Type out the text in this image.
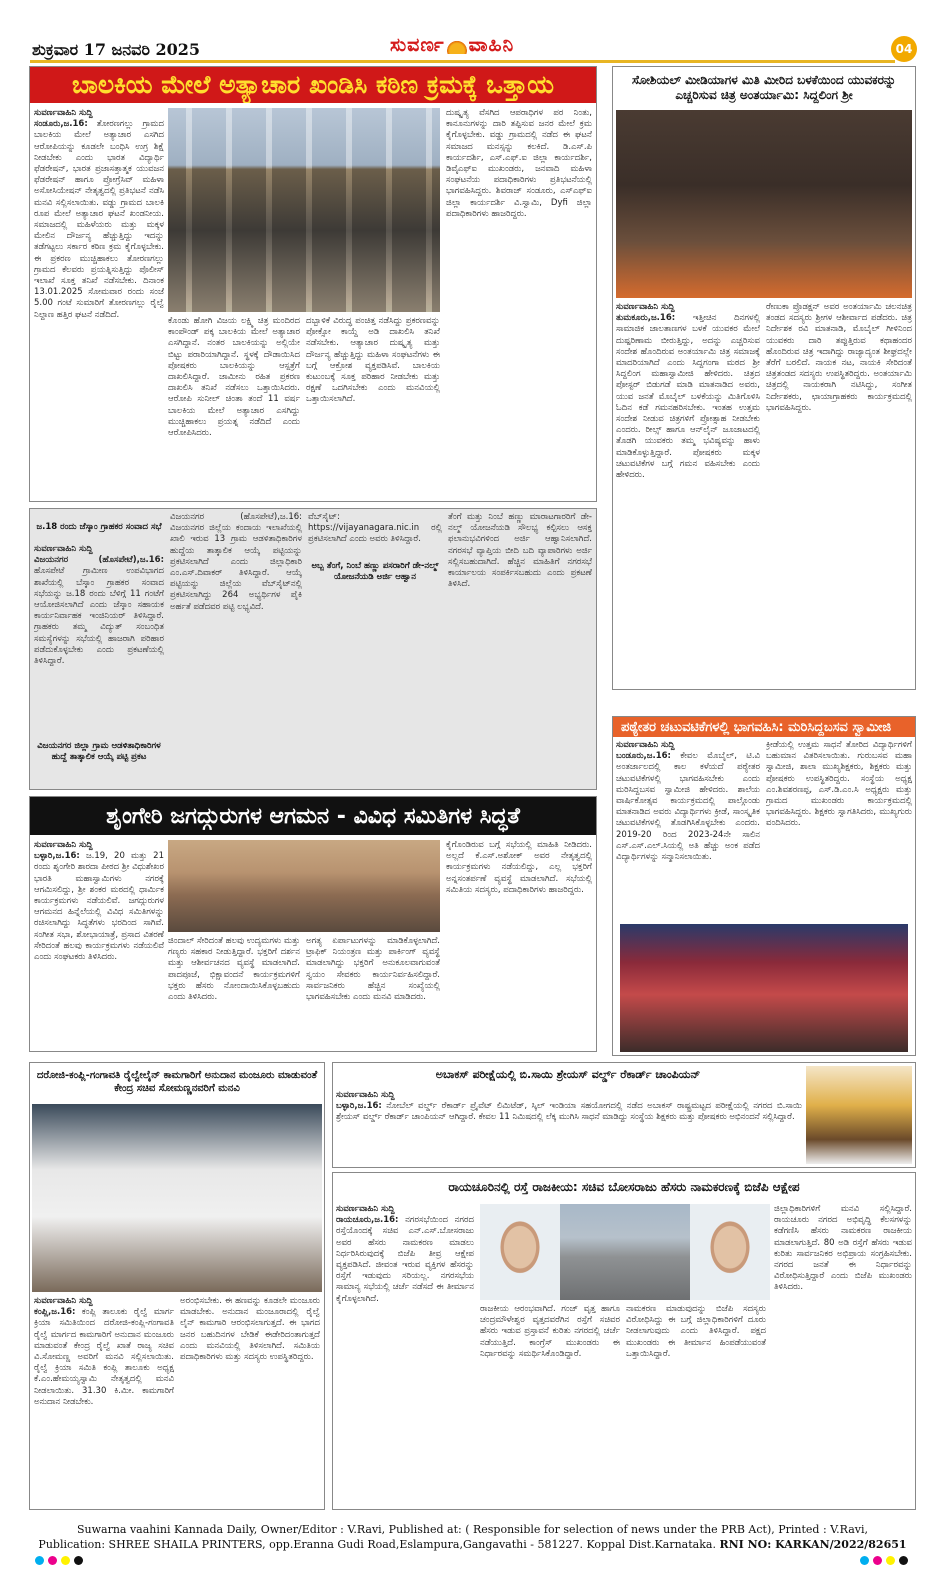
ಶುಕ್ರವಾರ 17 ಜನವರಿ 2025	ಸುವರ್ಣ ವಾಹಿನಿ	04
ಬಾಲಕಿಯ ಮೇಲೆ ಅತ್ಯಾಚಾರ ಖಂಡಿಸಿ ಕಠಿಣ ಕ್ರಮಕ್ಕೆ ಒತ್ತಾಯ
ಸುವರ್ಣವಾಹಿನಿ ಸುದ್ದಿ
ಸಂಡೂರು,ಜ.16: ತೋರಣಗಲ್ಲು ಗ್ರಾಮದ ಬಾಲಕಿಯ ಮೇಲೆ ಅತ್ಯಾಚಾರ ಎಸಗಿದ ಆರೋಪಿಯನ್ನು ಕೂಡಲೇ ಬಂಧಿಸಿ ಉಗ್ರ ಶಿಕ್ಷೆ ನೀಡಬೇಕು ಎಂದು ಭಾರತ ವಿದ್ಯಾರ್ಥಿ ಫೆಡರೇಷನ್, ಭಾರತ ಪ್ರಜಾಸತ್ತಾತ್ಮಕ ಯುವಜನ ಫೆಡರೇಷನ್ ಹಾಗೂ ಪ್ರೋಗ್ರೆಸಿವ್ ಮಹಿಳಾ ಅಸೋಸಿಯೇಷನ್ ನೇತೃತ್ವದಲ್ಲಿ ಪ್ರತಿಭಟನೆ ನಡೆಸಿ ಮನವಿ ಸಲ್ಲಿಸಲಾಯಿತು. ವಡ್ಡು ಗ್ರಾಮದ ಬಾಲಕಿ ರೂಪ ಮೇಲೆ ಅತ್ಯಾಚಾರ ಘಟನೆ ಖಂಡನೀಯ. ಸಮಾಜದಲ್ಲಿ ಮಹಿಳೆಯರು ಮತ್ತು ಮಕ್ಕಳ ಮೇಲಿನ ದೌರ್ಜನ್ಯ ಹೆಚ್ಚುತ್ತಿದ್ದು ಇದನ್ನು ತಡೆಗಟ್ಟಲು ಸರ್ಕಾರ ಕಠಿಣ ಕ್ರಮ ಕೈಗೊಳ್ಳಬೇಕು. ಈ ಪ್ರಕರಣ ಮುಚ್ಚಿಹಾಕಲು ತೋರಣಗಲ್ಲು ಗ್ರಾಮದ ಕೆಲವರು ಪ್ರಯತ್ನಿಸುತ್ತಿದ್ದು ಪೊಲೀಸ್ ಇಲಾಖೆ ಸೂಕ್ತ ತನಿಖೆ ನಡೆಸಬೇಕು. ದಿನಾಂಕ 13.01.2025 ಸೋಮವಾರ ರಂದು ಸಂಜೆ 5.00 ಗಂಟೆ ಸುಮಾರಿಗೆ ತೋರಣಗಲ್ಲು ರೈಲ್ವೆ ನಿಲ್ದಾಣ ಹತ್ತಿರ ಘಟನೆ ನಡೆದಿದೆ.
ಕೊಂಡು ಹೋಗಿ ವಿಜಯ ಲಕ್ಷ್ಮಿ ಚಿತ್ರ ಮಂದಿರದ ಕಾಂಪೌಂಡ್ ಪಕ್ಕ ಬಾಲಕಿಯ ಮೇಲೆ ಅತ್ಯಾಚಾರ ಎಸಗಿದ್ದಾನೆ. ನಂತರ ಬಾಲಕಿಯನ್ನು ಅಲ್ಲಿಯೇ ಬಿಟ್ಟು ಪರಾರಿಯಾಗಿದ್ದಾನೆ. ಸ್ಥಳಕ್ಕೆ ದೌಡಾಯಿಸಿದ ಪೋಷಕರು ಬಾಲಕಿಯನ್ನು ಆಸ್ಪತ್ರೆಗೆ ದಾಖಲಿಸಿದ್ದಾರೆ. ಜಾಮೀನು ರಹಿತ ಪ್ರಕರಣ ದಾಖಲಿಸಿ ತನಿಖೆ ನಡೆಸಲು ಒತ್ತಾಯಿಸಿದರು. ಆರೋಪಿ ಸುನೀಲ್ ಚಿಂತಾ ತಂದೆ 11 ವರ್ಷ ಬಾಲಕಿಯ ಮೇಲೆ ಅತ್ಯಾಚಾರ ಎಸಗಿದ್ದು ಮುಚ್ಚಿಹಾಕಲು ಪ್ರಯತ್ನ ನಡೆದಿದೆ ಎಂದು ಆರೋಪಿಸಿದರು.
ದಬ್ಬಾಳಿಕೆ ವಿರುದ್ಧ ಪಂಚಿತ್ತ ನಡೆಸಿದ್ದು ಪ್ರಕರಣವನ್ನು ಪೋಕ್ಸೋ ಕಾಯ್ದೆ ಅಡಿ ದಾಖಲಿಸಿ ತನಿಖೆ ನಡೆಸಬೇಕು. ಆತ್ಯಾಚಾರ ದುಷ್ಕೃತ್ಯ ಮತ್ತು ದೌರ್ಜನ್ಯ ಹೆಚ್ಚುತ್ತಿದ್ದು ಮಹಿಳಾ ಸಂಘಟನೆಗಳು ಈ ಬಗ್ಗೆ ಆಕ್ರೋಶ ವ್ಯಕ್ತಪಡಿಸಿವೆ. ಬಾಲಕಿಯ ಕುಟುಂಬಕ್ಕೆ ಸೂಕ್ತ ಪರಿಹಾರ ನೀಡಬೇಕು ಮತ್ತು ರಕ್ಷಣೆ ಒದಗಿಸಬೇಕು ಎಂದು ಮನವಿಯಲ್ಲಿ ಒತ್ತಾಯಿಸಲಾಗಿದೆ.
ದುಷ್ಕೃತ್ಯ ವೆಸಗಿದ ಆಪರಾಧಿಗಳ ಪರ ನಿಂತು, ಕಾನೂನುಗಳನ್ನು ದಾರಿ ತಪ್ಪಿಸುವ ಜನರ ಮೇಲೆ ಕ್ರಮ ಕೈಗೊಳ್ಳಬೇಕು. ವಡ್ಡು ಗ್ರಾಮದಲ್ಲಿ ನಡೆದ ಈ ಘಟನೆ ಸಮಾಜದ ಮನಸ್ಸನ್ನು ಕಲಕಿದೆ. ಡಿ.ಎಸ್.ಪಿ ಕಾರ್ಯದರ್ಶಿ, ಎಸ್.ಎಫ್.ಐ ಜಿಲ್ಲಾ ಕಾರ್ಯದರ್ಶಿ, ಡಿವೈಎಫ್‌ಐ ಮುಖಂಡರು, ಜನವಾದಿ ಮಹಿಳಾ ಸಂಘಟನೆಯ ಪದಾಧಿಕಾರಿಗಳು ಪ್ರತಿಭಟನೆಯಲ್ಲಿ ಭಾಗವಹಿಸಿದ್ದರು. ಶಿವರಾಜ್ ಸಂಡೂರು, ಎಸ್‌ಎಫ್‌ಐ ಜಿಲ್ಲಾ ಕಾರ್ಯದರ್ಶಿ ವಿ.ಸ್ವಾಮಿ, Dyfi ಜಿಲ್ಲಾ ಪದಾಧಿಕಾರಿಗಳು ಹಾಜರಿದ್ದರು.
ಸೋಶಿಯಲ್ ಮೀಡಿಯಾಗಳ ಮಿತಿ ಮೀರಿದ ಬಳಕೆಯಿಂದ ಯುವಕರನ್ನು ಎಚ್ಚರಿಸುವ ಚಿತ್ರ ಅಂತರ್ಯಾಮಿ: ಸಿದ್ದಲಿಂಗ ಶ್ರೀ
ಸುವರ್ಣವಾಹಿನಿ ಸುದ್ದಿ
ತುಮಕೂರು,ಜ.16: ಇತ್ತೀಚಿನ ದಿನಗಳಲ್ಲಿ ಸಾಮಾಜಿಕ ಜಾಲತಾಣಗಳ ಬಳಕೆ ಯುವಕರ ಮೇಲೆ ದುಷ್ಪರಿಣಾಮ ಬೀರುತ್ತಿದ್ದು, ಅದನ್ನು ಎಚ್ಚರಿಸುವ ಸಂದೇಶ ಹೊಂದಿರುವ ಅಂತರ್ಯಾಮಿ ಚಿತ್ರ ಸಮಾಜಕ್ಕೆ ಮಾದರಿಯಾಗಿದೆ ಎಂದು ಸಿದ್ದಗಂಗಾ ಮಠದ ಶ್ರೀ ಸಿದ್ದಲಿಂಗ ಮಹಾಸ್ವಾಮೀಜಿ ಹೇಳಿದರು. ಚಿತ್ರದ ಪೋಸ್ಟರ್ ಬಿಡುಗಡೆ ಮಾಡಿ ಮಾತನಾಡಿದ ಅವರು, ಯುವ ಜನತೆ ಮೊಬೈಲ್ ಬಳಕೆಯನ್ನು ಮಿತಿಗೊಳಿಸಿ ಓದಿನ ಕಡೆ ಗಮನಹರಿಸಬೇಕು. ಇಂತಹ ಉತ್ತಮ ಸಂದೇಶ ನೀಡುವ ಚಿತ್ರಗಳಿಗೆ ಪ್ರೋತ್ಸಾಹ ನೀಡಬೇಕು ಎಂದರು. ರೀಲ್ಸ್ ಹಾಗೂ ಆನ್‌ಲೈನ್ ಜೂಜಾಟದಲ್ಲಿ ತೊಡಗಿ ಯುವಕರು ತಮ್ಮ ಭವಿಷ್ಯವನ್ನು ಹಾಳು ಮಾಡಿಕೊಳ್ಳುತ್ತಿದ್ದಾರೆ. ಪೋಷಕರು ಮಕ್ಕಳ ಚಟುವಟಿಕೆಗಳ ಬಗ್ಗೆ ಗಮನ ವಹಿಸಬೇಕು ಎಂದು ಹೇಳಿದರು.
ರೇಣುಕಾ ಪ್ರೊಡಕ್ಷನ್ ಅವರ ಅಂತರ್ಯಾಮಿ ಚಲನಚಿತ್ರ ತಂಡದ ಸದಸ್ಯರು ಶ್ರೀಗಳ ಆಶೀರ್ವಾದ ಪಡೆದರು. ಚಿತ್ರ ನಿರ್ದೇಶಕ ರವಿ ಮಾತನಾಡಿ, ಮೊಬೈಲ್ ಗೀಳಿನಿಂದ ಯುವಕರು ದಾರಿ ತಪ್ಪುತ್ತಿರುವ ಕಥಾಹಂದರ ಹೊಂದಿರುವ ಚಿತ್ರ ಇದಾಗಿದ್ದು ರಾಜ್ಯಾದ್ಯಂತ ಶೀಘ್ರದಲ್ಲೇ ತೆರೆಗೆ ಬರಲಿದೆ. ನಾಯಕ ನಟ, ನಾಯಕಿ ಸೇರಿದಂತೆ ಚಿತ್ರತಂಡದ ಸದಸ್ಯರು ಉಪಸ್ಥಿತರಿದ್ದರು. ಅಂತರ್ಯಾಮಿ ಚಿತ್ರದಲ್ಲಿ ನಾಯಕರಾಗಿ ನಟಿಸಿದ್ದು, ಸಂಗೀತ ನಿರ್ದೇಶಕರು, ಛಾಯಾಗ್ರಾಹಕರು ಕಾರ್ಯಕ್ರಮದಲ್ಲಿ ಭಾಗವಹಿಸಿದ್ದರು.
ಜ.18 ರಂದು ಜೆಸ್ಕಾಂ ಗ್ರಾಹಕರ ಸಂವಾದ ಸಭೆ
ಸುವರ್ಣವಾಹಿನಿ ಸುದ್ದಿ
ವಿಜಯನಗರ (ಹೊಸಪೇಟೆ),ಜ.16: ಹೊಸಪೇಟೆ ಗ್ರಾಮೀಣ ಉಪವಿಭಾಗದ ಶಾಖೆಯಲ್ಲಿ ಬೆಸ್ಕಾಂ ಗ್ರಾಹಕರ ಸಂವಾದ ಸಭೆಯನ್ನು ಜ.18 ರಂದು ಬೆಳಿಗ್ಗೆ 11 ಗಂಟೆಗೆ ಆಯೋಜಿಸಲಾಗಿದೆ ಎಂದು ಜೆಸ್ಕಾಂ ಸಹಾಯಕ ಕಾರ್ಯನಿರ್ವಾಹಕ ಇಂಜಿನಿಯರ್ ತಿಳಿಸಿದ್ದಾರೆ. ಗ್ರಾಹಕರು ತಮ್ಮ ವಿದ್ಯುತ್ ಸಂಬಂಧಿತ ಸಮಸ್ಯೆಗಳನ್ನು ಸಭೆಯಲ್ಲಿ ಹಾಜರಾಗಿ ಪರಿಹಾರ ಪಡೆದುಕೊಳ್ಳಬೇಕು ಎಂದು ಪ್ರಕಟಣೆಯಲ್ಲಿ ತಿಳಿಸಿದ್ದಾರೆ.
ವಿಜಯನಗರ ಜಿಲ್ಲಾ ಗ್ರಾಮ ಆಡಳಿತಾಧಿಕಾರಿಗಳ ಹುದ್ದೆ ತಾತ್ಕಾಲಿಕ ಆಯ್ಕೆ ಪಟ್ಟಿ ಪ್ರಕಟ
ವಿಜಯನಗರ (ಹೊಸಪೇಟೆ),ಜ.16: ವಿಜಯನಗರ ಜಿಲ್ಲೆಯ ಕಂದಾಯ ಇಲಾಖೆಯಲ್ಲಿ ಖಾಲಿ ಇರುವ 13 ಗ್ರಾಮ ಆಡಳಿತಾಧಿಕಾರಿಗಳ ಹುದ್ದೆಯ ತಾತ್ಕಾಲಿಕ ಆಯ್ಕೆ ಪಟ್ಟಿಯನ್ನು ಪ್ರಕಟಿಸಲಾಗಿದೆ ಎಂದು ಜಿಲ್ಲಾಧಿಕಾರಿ ಎಂ.ಎಸ್.ದಿವಾಕರ್ ತಿಳಿಸಿದ್ದಾರೆ. ಆಯ್ಕೆ ಪಟ್ಟಿಯನ್ನು ಜಿಲ್ಲೆಯ ವೆಬ್‌ಸೈಟ್‌ನಲ್ಲಿ ಪ್ರಕಟಿಸಲಾಗಿದ್ದು 264 ಅಭ್ಯರ್ಥಿಗಳ ಪೈಕಿ ಅರ್ಹತೆ ಪಡೆದವರ ಪಟ್ಟಿ ಲಭ್ಯವಿದೆ.
ವೆಬ್‌ಸೈಟ್: https://vijayanagara.nic.in ರಲ್ಲಿ ಪ್ರಕಟಿಸಲಾಗಿದೆ ಎಂದು ಅವರು ತಿಳಿಸಿದ್ದಾರೆ.
ಅಬ್ಬ ತೆಂಗೆ, ನಿಂಬೆ ಹಣ್ಣು ಪಸರಾರಿಗೆ ಡೇ-ನಲ್ಮ್ ಯೋಜನೆಯಡಿ ಅರ್ಜಿ ಆಹ್ವಾನ
ತೆಂಗೆ ಮತ್ತು ನಿಂಬೆ ಹಣ್ಣು ಮಾರಾಟಗಾರರಿಗೆ ಡೇ-ನಲ್ಮ್ ಯೋಜನೆಯಡಿ ಸೌಲಭ್ಯ ಕಲ್ಪಿಸಲು ಆಸಕ್ತ ಫಲಾನುಭವಿಗಳಿಂದ ಅರ್ಜಿ ಆಹ್ವಾನಿಸಲಾಗಿದೆ. ನಗರಸಭೆ ವ್ಯಾಪ್ತಿಯ ಬೀದಿ ಬದಿ ವ್ಯಾಪಾರಿಗಳು ಅರ್ಜಿ ಸಲ್ಲಿಸಬಹುದಾಗಿದೆ. ಹೆಚ್ಚಿನ ಮಾಹಿತಿಗೆ ನಗರಸಭೆ ಕಾರ್ಯಾಲಯ ಸಂಪರ್ಕಿಸಬಹುದು ಎಂದು ಪ್ರಕಟಣೆ ತಿಳಿಸಿದೆ.
ಪಠ್ಯೇತರ ಚಟುವಟಿಕೆಗಳಲ್ಲಿ ಭಾಗವಹಿಸಿ: ಮರಿಸಿದ್ದಬಸವ ಸ್ವಾಮೀಜಿ
ಸುವರ್ಣವಾಹಿನಿ ಸುದ್ದಿ
ಬಂಡೂರು,ಜ.16: ಕೇವಲ ಮೊಬೈಲ್, ಟಿ.ವಿ ಅಂತರ್ಜಾಲದಲ್ಲಿ ಕಾಲ ಕಳೆಯದೆ ಪಠ್ಯೇತರ ಚಟುವಟಿಕೆಗಳಲ್ಲಿ ಭಾಗವಹಿಸಬೇಕು ಎಂದು ಮರಿಸಿದ್ದಬಸವ ಸ್ವಾಮೀಜಿ ಹೇಳಿದರು. ಶಾಲೆಯ ವಾರ್ಷಿಕೋತ್ಸವ ಕಾರ್ಯಕ್ರಮದಲ್ಲಿ ಪಾಲ್ಗೊಂಡು ಮಾತನಾಡಿದ ಅವರು ವಿದ್ಯಾರ್ಥಿಗಳು ಕ್ರೀಡೆ, ಸಾಂಸ್ಕೃತಿಕ ಚಟುವಟಿಕೆಗಳಲ್ಲಿ ತೊಡಗಿಸಿಕೊಳ್ಳಬೇಕು ಎಂದರು. 2019-20 ರಿಂದ 2023-24ನೇ ಸಾಲಿನ ಎಸ್.ಎಸ್.ಎಲ್.ಸಿಯಲ್ಲಿ ಅತಿ ಹೆಚ್ಚು ಅಂಕ ಪಡೆದ ವಿದ್ಯಾರ್ಥಿಗಳನ್ನು ಸನ್ಮಾನಿಸಲಾಯಿತು.
ಕ್ರೀಡೆಯಲ್ಲಿ ಉತ್ತಮ ಸಾಧನೆ ತೋರಿದ ವಿದ್ಯಾರ್ಥಿಗಳಿಗೆ ಬಹುಮಾನ ವಿತರಿಸಲಾಯಿತು. ಗುರುಬಸವ ಮಹಾ ಸ್ವಾಮೀಜಿ, ಶಾಲಾ ಮುಖ್ಯಶಿಕ್ಷಕರು, ಶಿಕ್ಷಕರು ಮತ್ತು ಪೋಷಕರು ಉಪಸ್ಥಿತರಿದ್ದರು. ಸಂಸ್ಥೆಯ ಅಧ್ಯಕ್ಷ ಎಂ.ಶಿವಶರಣಪ್ಪ, ಎಸ್.ಡಿ.ಎಂ.ಸಿ ಅಧ್ಯಕ್ಷರು ಮತ್ತು ಗ್ರಾಮದ ಮುಖಂಡರು ಕಾರ್ಯಕ್ರಮದಲ್ಲಿ ಭಾಗವಹಿಸಿದ್ದರು. ಶಿಕ್ಷಕರು ಸ್ವಾಗತಿಸಿದರು, ಮುಖ್ಯಗುರು ವಂದಿಸಿದರು.
ಶೃಂಗೇರಿ ಜಗದ್ಗುರುಗಳ ಆಗಮನ - ವಿವಿಧ ಸಮಿತಿಗಳ ಸಿದ್ಧತೆ
ಸುವರ್ಣವಾಹಿನಿ ಸುದ್ದಿ
ಬಳ್ಳಾರಿ,ಜ.16: ಜ.19, 20 ಮತ್ತು 21 ರಂದು ಶೃಂಗೇರಿ ಶಾರದಾ ಪೀಠದ ಶ್ರೀ ವಿಧುಶೇಖರ ಭಾರತಿ ಮಹಾಸ್ವಾಮಿಗಳು ನಗರಕ್ಕೆ ಆಗಮಿಸಲಿದ್ದು, ಶ್ರೀ ಶಂಕರ ಮಠದಲ್ಲಿ ಧಾರ್ಮಿಕ ಕಾರ್ಯಕ್ರಮಗಳು ನಡೆಯಲಿವೆ. ಜಗದ್ಗುರುಗಳ ಆಗಮನದ ಹಿನ್ನೆಲೆಯಲ್ಲಿ ವಿವಿಧ ಸಮಿತಿಗಳನ್ನು ರಚಿಸಲಾಗಿದ್ದು ಸಿದ್ಧತೆಗಳು ಭರದಿಂದ ಸಾಗಿವೆ. ಸಂಗೀತ ಸಭಾ, ಶೋಭಾಯಾತ್ರೆ, ಪ್ರಸಾದ ವಿತರಣೆ ಸೇರಿದಂತೆ ಹಲವು ಕಾರ್ಯಕ್ರಮಗಳು ನಡೆಯಲಿವೆ ಎಂದು ಸಂಘಟಕರು ತಿಳಿಸಿದರು.
ಜಿಂದಾಲ್ ಸೇರಿದಂತೆ ಹಲವು ಉದ್ಯಮಗಳು ಮತ್ತು ಗಣ್ಯರು ಸಹಕಾರ ನೀಡುತ್ತಿದ್ದಾರೆ. ಭಕ್ತರಿಗೆ ದರ್ಶನ ಮತ್ತು ಆಶೀರ್ವಚನದ ವ್ಯವಸ್ಥೆ ಮಾಡಲಾಗಿದೆ. ಪಾದಪೂಜೆ, ಭಿಕ್ಷಾವಂದನೆ ಕಾರ್ಯಕ್ರಮಗಳಿಗೆ ಭಕ್ತರು ಹೆಸರು ನೋಂದಾಯಿಸಿಕೊಳ್ಳಬಹುದು ಎಂದು ತಿಳಿಸಿದರು.
ಅಗತ್ಯ ಏರ್ಪಾಟುಗಳನ್ನು ಮಾಡಿಕೊಳ್ಳಲಾಗಿದೆ. ಟ್ರಾಫಿಕ್ ನಿಯಂತ್ರಣ ಮತ್ತು ಪಾರ್ಕಿಂಗ್ ವ್ಯವಸ್ಥೆ ಮಾಡಲಾಗಿದ್ದು ಭಕ್ತರಿಗೆ ಅನುಕೂಲವಾಗುವಂತೆ ಸ್ವಯಂ ಸೇವಕರು ಕಾರ್ಯನಿರ್ವಹಿಸಲಿದ್ದಾರೆ. ಸಾರ್ವಜನಿಕರು ಹೆಚ್ಚಿನ ಸಂಖ್ಯೆಯಲ್ಲಿ ಭಾಗವಹಿಸಬೇಕು ಎಂದು ಮನವಿ ಮಾಡಿದರು.
ಕೈಗೊಂಡಿರುವ ಬಗ್ಗೆ ಸಭೆಯಲ್ಲಿ ಮಾಹಿತಿ ನೀಡಿದರು. ಅಲ್ಲದೆ ಕೆ.ಎಸ್.ಅಶೋಕ್ ಅವರ ನೇತೃತ್ವದಲ್ಲಿ ಕಾರ್ಯಕ್ರಮಗಳು ನಡೆಯಲಿದ್ದು, ಎಲ್ಲ ಭಕ್ತರಿಗೆ ಅನ್ನಸಂತರ್ಪಣೆ ವ್ಯವಸ್ಥೆ ಮಾಡಲಾಗಿದೆ. ಸಭೆಯಲ್ಲಿ ಸಮಿತಿಯ ಸದಸ್ಯರು, ಪದಾಧಿಕಾರಿಗಳು ಹಾಜರಿದ್ದರು.
ದರೋಜಿ-ಕಂಪ್ಲಿ-ಗಂಗಾವತಿ ರೈಲ್ವೇಲೈನ್ ಕಾಮಗಾರಿಗೆ ಅನುದಾನ ಮಂಜೂರು ಮಾಡುವಂತೆ ಕೇಂದ್ರ ಸಚಿವ ಸೋಮಣ್ಣನವರಿಗೆ ಮನವಿ
ಸುವರ್ಣವಾಹಿನಿ ಸುದ್ದಿ
ಕಂಪ್ಲಿ,ಜ.16: ಕಂಪ್ಲಿ ತಾಲೂಕು ರೈಲ್ವೆ ಮಾರ್ಗ ಕ್ರಿಯಾ ಸಮಿತಿಯಿಂದ ದರೋಜಿ-ಕಂಪ್ಲಿ-ಗಂಗಾವತಿ ರೈಲ್ವೆ ಮಾರ್ಗದ ಕಾಮಗಾರಿಗೆ ಅನುದಾನ ಮಂಜೂರು ಮಾಡುವಂತೆ ಕೇಂದ್ರ ರೈಲ್ವೆ ಖಾತೆ ರಾಜ್ಯ ಸಚಿವ ವಿ.ಸೋಮಣ್ಣ ಅವರಿಗೆ ಮನವಿ ಸಲ್ಲಿಸಲಾಯಿತು. ರೈಲ್ವೆ ಕ್ರಿಯಾ ಸಮಿತಿ ಕಂಪ್ಲಿ ತಾಲೂಕು ಅಧ್ಯಕ್ಷ ಕೆ.ಎಂ.ಹೇಮಯ್ಯಸ್ವಾಮಿ ನೇತೃತ್ವದಲ್ಲಿ ಮನವಿ ನೀಡಲಾಯಿತು. 31.30 ಕಿ.ಮೀ. ಕಾಮಗಾರಿಗೆ ಅನುದಾನ ನೀಡಬೇಕು.
ಅರಂಭಿಸಬೇಕು. ಈ ಹಣವನ್ನು ಕೂಡಲೇ ಮಂಜೂರು ಮಾಡಬೇಕು. ಅನುದಾನ ಮಂಜೂರಾದಲ್ಲಿ ರೈಲ್ವೆ ಲೈನ್ ಕಾಮಗಾರಿ ಆರಂಭಿಸಲಾಗುತ್ತದೆ. ಈ ಭಾಗದ ಜನರ ಬಹುದಿನಗಳ ಬೇಡಿಕೆ ಈಡೇರಿದಂತಾಗುತ್ತದೆ ಎಂದು ಮನವಿಯಲ್ಲಿ ತಿಳಿಸಲಾಗಿದೆ. ಸಮಿತಿಯ ಪದಾಧಿಕಾರಿಗಳು ಮತ್ತು ಸದಸ್ಯರು ಉಪಸ್ಥಿತರಿದ್ದರು.
ಅಬಾಕಸ್ ಪರೀಕ್ಷೆಯಲ್ಲಿ ಬಿ.ಸಾಯಿ ಶ್ರೇಯಸ್ ವರ್ಲ್ಡ್ ರೆಕಾರ್ಡ್ ಚಾಂಪಿಯನ್
ಸುವರ್ಣವಾಹಿನಿ ಸುದ್ದಿ
ಬಳ್ಳಾರಿ,ಜ.16: ನೋಬೆಲ್ ವರ್ಲ್ಡ್ ರೆಕಾರ್ಡ್ ಪ್ರೈವೆಟ್ ಲಿಮಿಟೆಡ್, ಸ್ಕಿಲ್ ಇಂಡಿಯಾ ಸಹಯೋಗದಲ್ಲಿ ನಡೆದ ಅಬಾಕಸ್ ರಾಷ್ಟ್ರಮಟ್ಟದ ಪರೀಕ್ಷೆಯಲ್ಲಿ ನಗರದ ಬಿ.ಸಾಯಿ ಶ್ರೇಯಸ್ ವರ್ಲ್ಡ್ ರೆಕಾರ್ಡ್ ಚಾಂಪಿಯನ್ ಆಗಿದ್ದಾರೆ. ಕೇವಲ 11 ನಿಮಿಷದಲ್ಲಿ ಲೆಕ್ಕ ಮುಗಿಸಿ ಸಾಧನೆ ಮಾಡಿದ್ದು ಸಂಸ್ಥೆಯ ಶಿಕ್ಷಕರು ಮತ್ತು ಪೋಷಕರು ಅಭಿನಂದನೆ ಸಲ್ಲಿಸಿದ್ದಾರೆ.
ರಾಯಚೂರಿನಲ್ಲಿ ರಸ್ತೆ ರಾಜಕೀಯ: ಸಚಿವ ಬೋಸರಾಜು ಹೆಸರು ನಾಮಕರಣಕ್ಕೆ ಬಿಜೆಪಿ ಆಕ್ಷೇಪ
ಸುವರ್ಣವಾಹಿನಿ ಸುದ್ದಿ
ರಾಯಚೂರು,ಜ.16: ನಗರಸಭೆಯಿಂದ ನಗರದ ರಸ್ತೆಯೊಂದಕ್ಕೆ ಸಚಿವ ಎನ್.ಎಸ್.ಬೋಸರಾಜು ಅವರ ಹೆಸರು ನಾಮಕರಣ ಮಾಡಲು ನಿರ್ಧರಿಸಿರುವುದಕ್ಕೆ ಬಿಜೆಪಿ ತೀವ್ರ ಆಕ್ಷೇಪ ವ್ಯಕ್ತಪಡಿಸಿದೆ. ಜೀವಂತ ಇರುವ ವ್ಯಕ್ತಿಗಳ ಹೆಸರನ್ನು ರಸ್ತೆಗೆ ಇಡುವುದು ಸರಿಯಲ್ಲ. ನಗರಸಭೆಯ ಸಾಮಾನ್ಯ ಸಭೆಯಲ್ಲಿ ಚರ್ಚೆ ನಡೆಸದೆ ಈ ತೀರ್ಮಾನ ಕೈಗೊಳ್ಳಲಾಗಿದೆ.
ರಾಜಕೀಯ ಆರಂಭವಾಗಿದೆ. ಗಂಜ್ ವೃತ್ತ ಹಾಗೂ ಚಂದ್ರಮೌಳೇಶ್ವರ ವೃತ್ತದವರೆಗಿನ ರಸ್ತೆಗೆ ಸಚಿವರ ಹೆಸರು ಇಡುವ ಪ್ರಸ್ತಾವನೆ ಕುರಿತು ನಗರದಲ್ಲಿ ಚರ್ಚೆ ನಡೆಯುತ್ತಿದೆ. ಕಾಂಗ್ರೆಸ್ ಮುಖಂಡರು ಈ ನಿರ್ಧಾರವನ್ನು ಸಮರ್ಥಿಸಿಕೊಂಡಿದ್ದಾರೆ.
ನಾಮಕರಣ ಮಾಡುವುದನ್ನು ಬಿಜೆಪಿ ಸದಸ್ಯರು ವಿರೋಧಿಸಿದ್ದು ಈ ಬಗ್ಗೆ ಜಿಲ್ಲಾಧಿಕಾರಿಗಳಿಗೆ ದೂರು ನೀಡಲಾಗುವುದು ಎಂದು ತಿಳಿಸಿದ್ದಾರೆ. ಪಕ್ಷದ ಮುಖಂಡರು ಈ ತೀರ್ಮಾನ ಹಿಂಪಡೆಯುವಂತೆ ಒತ್ತಾಯಿಸಿದ್ದಾರೆ.
ಜಿಲ್ಲಾಧಿಕಾರಿಗಳಿಗೆ ಮನವಿ ಸಲ್ಲಿಸಿದ್ದಾರೆ. ರಾಯಚೂರು ನಗರದ ಅಭಿವೃದ್ಧಿ ಕೆಲಸಗಳನ್ನು ಕಡೆಗಣಿಸಿ ಹೆಸರು ನಾಮಕರಣ ರಾಜಕೀಯ ಮಾಡಲಾಗುತ್ತಿದೆ. 80 ಅಡಿ ರಸ್ತೆಗೆ ಹೆಸರು ಇಡುವ ಕುರಿತು ಸಾರ್ವಜನಿಕರ ಅಭಿಪ್ರಾಯ ಸಂಗ್ರಹಿಸಬೇಕು. ನಗರದ ಜನತೆ ಈ ನಿರ್ಧಾರವನ್ನು ವಿರೋಧಿಸುತ್ತಿದ್ದಾರೆ ಎಂದು ಬಿಜೆಪಿ ಮುಖಂಡರು ತಿಳಿಸಿದರು.
Suwarna vaahini Kannada Daily, Owner/Editor : V.Ravi, Published at: ( Responsible for selection of news under the PRB Act), Printed : V.Ravi,
Publication: SHREE SHAILA PRINTERS, opp.Eranna Gudi Road,Eslampura,Gangavathi - 581227. Koppal Dist.Karnataka. RNI NO: KARKAN/2022/82651
